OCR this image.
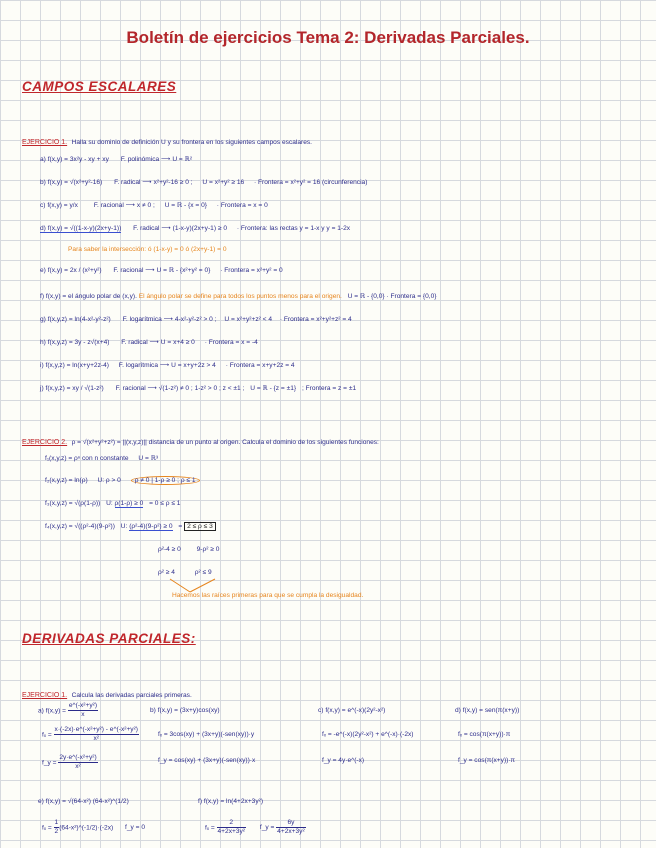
Boletín de ejercicios Tema 2: Derivadas Parciales.
CAMPOS ESCALARES
EJERCICIO 1. Halla su dominio de definición U y su frontera en los siguientes campos escalares.
a) f(x,y) = 3x²y - xy + xy F. polinómica ⟶ U = ℝ²
b) f(x,y) = √(x²+y²-16) F. radical ⟶ x²+y²-16 ≥ 0 ; U = x²+y² ≥ 16 · Frontera = x²+y² = 16 (circunferencia)
c) f(x,y) = y/x F. racional ⟶ x ≠ 0 ; U = ℝ - {x = 0} · Frontera = x = 0
d) f(x,y) = √((1-x-y)(2x+y-1)) F. radical ⟶ (1-x-y)(2x+y-1) ≥ 0 · Frontera: las rectas y = 1-x y y = 1-2x
Para saber la intersección: ó (1-x-y) = 0 ó (2x+y-1) = 0
e) f(x,y) = 2x / (x²+y²) F. racional ⟶ U = ℝ - {x²+y² = 0} · Frontera = x²+y² = 0
f) f(x,y) = el ángulo polar de (x,y). El ángulo polar se define para todos los puntos menos para el origen. U = ℝ - {0,0} · Frontera = {0,0}
g) f(x,y,z) = ln(4-x²-y²-z²) F. logarítmica ⟶ 4-x²-y²-z² > 0 ; U = x²+y²+z² < 4 · Frontera = x²+y²+z² = 4
h) f(x,y,z) = 3y - z√(x+4) F. radical ⟶ U = x+4 ≥ 0 · Frontera = x = -4
i) f(x,y,z) = ln(x+y+2z-4) F. logarítmica ⟶ U = x+y+2z > 4 · Frontera = x+y+2z = 4
j) f(x,y,z) = xy / √(1-z²) F. racional ⟶ √(1-z²) ≠ 0 ; 1-z² > 0 ; z < ±1 ; U = ℝ - {z = ±1} ; Frontera = z = ±1
EJERCICIO 2. ρ = √(x²+y²+z²) = ||(x,y,z)|| distancia de un punto al origen. Calcula el dominio de los siguientes funciones:
f₁(x,y,z) = ρⁿ con n constante U = ℝ³
f₂(x,y,z) = ln(ρ) U: ρ > 0 ρ ≠ 0 | 1-ρ ≥ 0 ; ρ ≤ 1
f₃(x,y,z) = √(ρ(1-ρ)) U: ρ(1-ρ) ≥ 0 = 0 ≤ ρ ≤ 1
f₄(x,y,z) = √((ρ²-4)(9-ρ²)) U: (ρ²-4)(9-ρ²) ≥ 0 = 2 ≤ ρ ≤ 3
ρ²-4 ≥ 0 9-ρ² ≥ 0
ρ² ≥ 4	ρ² ≤ 9
Hacemos las raíces primeras para que se cumpla la desigualdad.
DERIVADAS PARCIALES:
EJERCICIO 1. Calcula las derivadas parciales primeras.
a) $f(x,y) = \frac{\text{e\textasciicircum{}(-x²+y²)}}{x}$
$f_x = \frac{\text{x·(-2x)·e\textasciicircum{}(-x²+y²) - e\textasciicircum{}(-x²+y²)}}{\text{x²}}$
f_y = $\frac{\text{2y·e\textasciicircum{}(-x²+y²)}}{\text{x²}}$
b) f(x,y) = (3x+y)cos(xy)
fₓ = 3cos(xy) + (3x+y)(-sen(xy))·y
f_y = cos(xy) + (3x+y)(-sen(xy))·x
c) f(x,y) = e^(-x)(2y²-x²)
fₓ = -e^(-x)(2y²-x²) + e^(-x)·(-2x)
f_y = 4y·e^(-x)
d) f(x,y) = sen(π(x+y))
fₓ = cos(π(x+y))·π
f_y = cos(π(x+y))·π
e) f(x,y) = √(64-x²) (64-x²)^(1/2)
$f_x = \frac{1}{2}$ (64-x²)^(-1/2)·(-2x) f_y = 0
f) f(x,y) = ln(4+2x+3y²)
$f_x = \frac{2}{\text{4+2x+3y²}}$ f_y = $\frac{6y}{\text{4+2x+3y²}}$
